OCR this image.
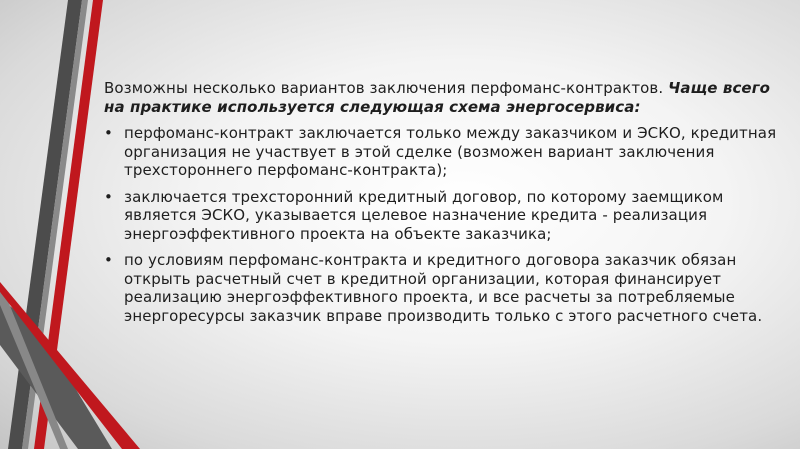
Возможны несколько вариантов заключения перфоманс-контрактов. Чаще всего на практике используется следующая схема энергосервиса:

• перфоманс-контракт заключается только между заказчиком и ЭСКО, кредитная организация не участвует в этой сделке (возможен вариант заключения трехстороннего перфоманс-контракта);
• заключается трехсторонний кредитный договор, по которому заемщиком является ЭСКО, указывается целевое назначение кредита - реализация энергоэффективного проекта на объекте заказчика;
• по условиям перфоманс-контракта и кредитного договора заказчик обязан открыть расчетный счет в кредитной организации, которая финансирует реализацию энергоэффективного проекта, и все расчеты за потребляемые энергоресурсы заказчик вправе производить только с этого расчетного счета.
